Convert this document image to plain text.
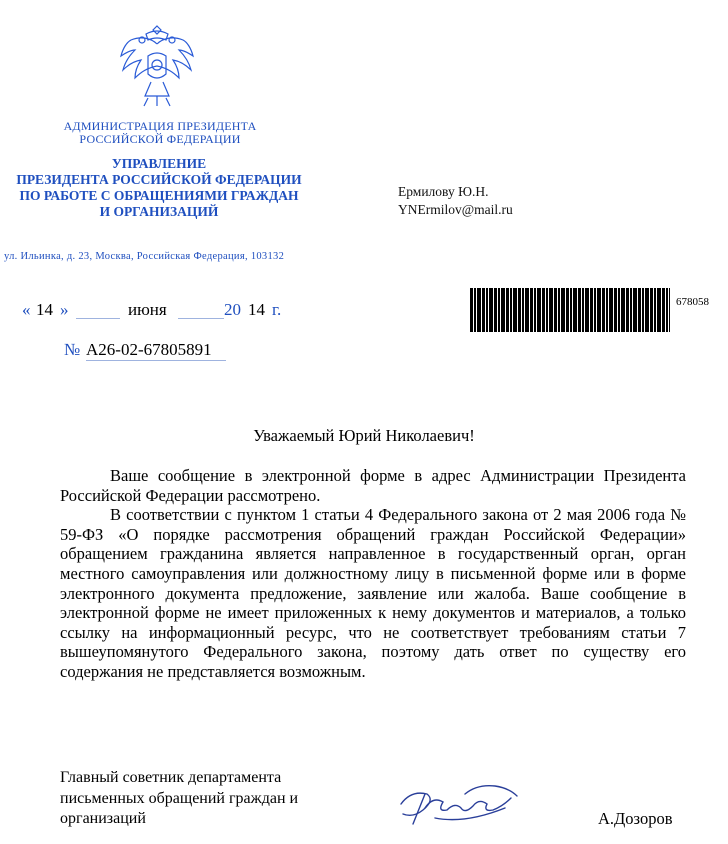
АДМИНИСТРАЦИЯ ПРЕЗИДЕНТА
РОССИЙСКОЙ ФЕДЕРАЦИИ
УПРАВЛЕНИЕ
ПРЕЗИДЕНТА РОССИЙСКОЙ ФЕДЕРАЦИИ
ПО РАБОТЕ С ОБРАЩЕНИЯМИ ГРАЖДАН
И ОРГАНИЗАЦИЙ
ул. Ильинка, д. 23, Москва, Российская Федерация, 103132
Ермилову Ю.Н.
YNErmilov@mail.ru
« 14 »	июня	20 14 г.
№ А26-02-67805891
678058
Уважаемый Юрий Николаевич!

Ваше сообщение в электронной форме в адрес Администрации Президента Российской Федерации рассмотрено.

В соответствии с пунктом 1 статьи 4 Федерального закона от 2 мая 2006 года № 59-ФЗ «О порядке рассмотрения обращений граждан Российской Федерации» обращением гражданина является направленное в государственный орган, орган местного самоуправления или должностному лицу в письменной форме или в форме электронного документа предложение, заявление или жалоба. Ваше сообщение в электронной форме не имеет приложенных к нему документов и материалов, а только ссылку на информационный ресурс, что не соответствует требованиям статьи 7 вышеупомянутого Федерального закона, поэтому дать ответ по существу его содержания не представляется возможным.

Главный советник департамента
письменных обращений граждан и
организаций	А.Дозоров
